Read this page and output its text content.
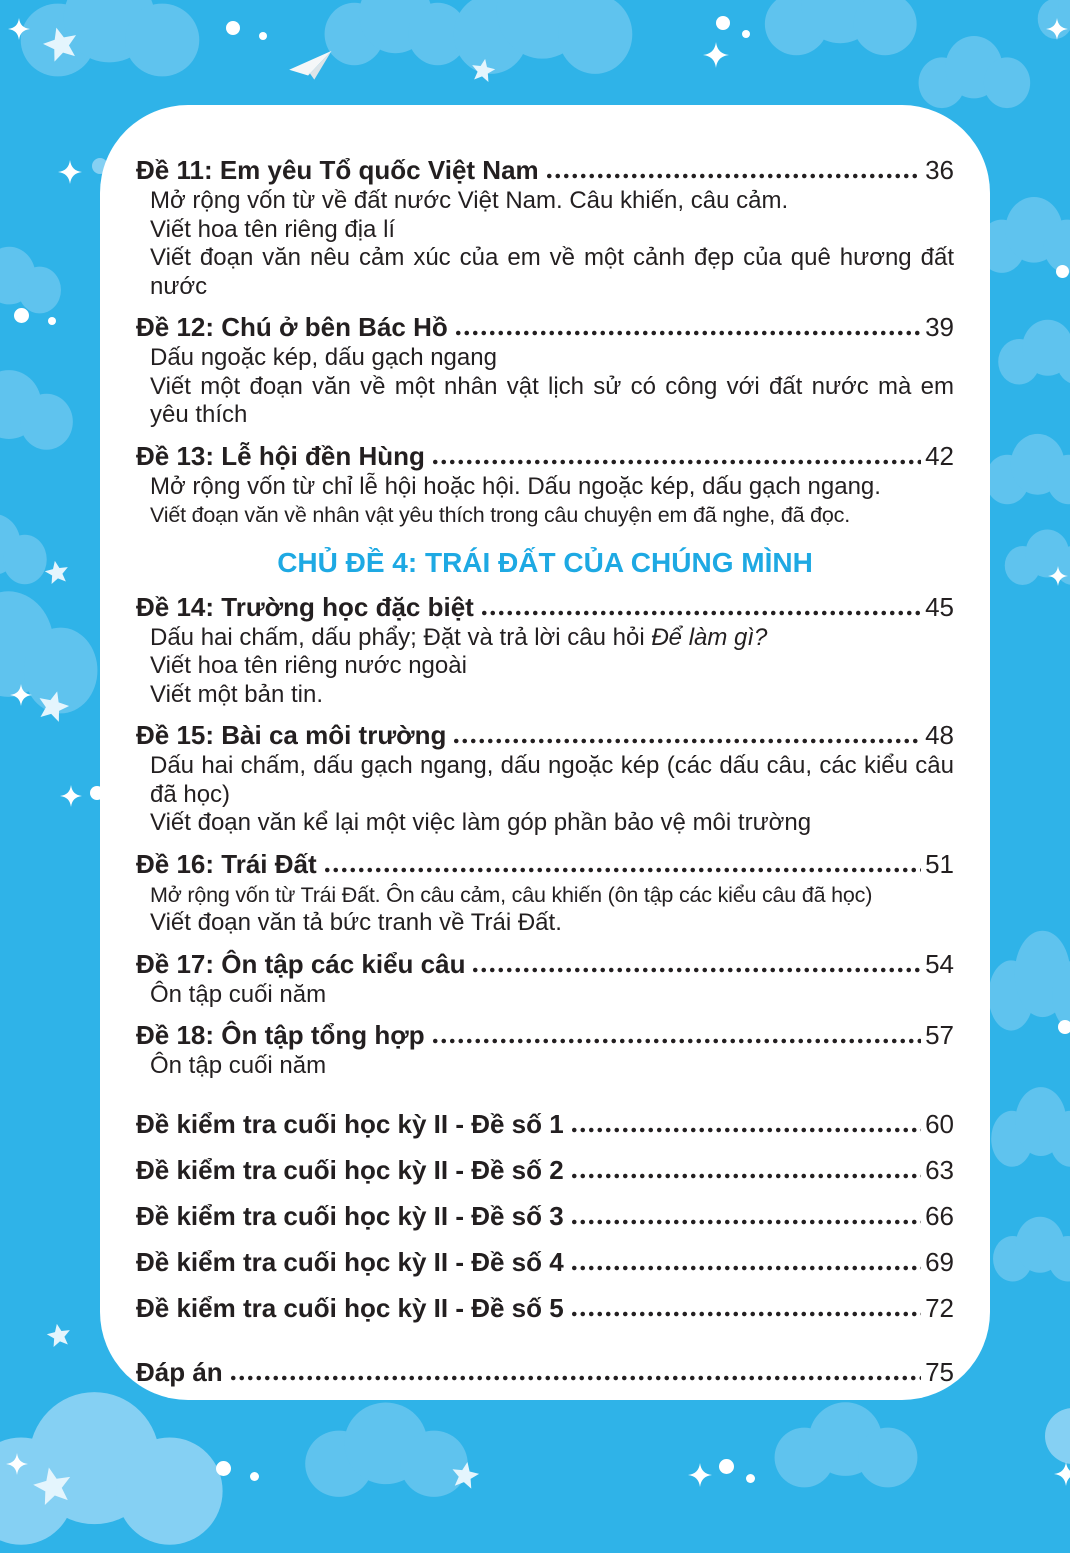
Đề 11: Em yêu Tổ quốc Việt Nam	36
Mở rộng vốn từ về đất nước Việt Nam. Câu khiến, câu cảm.
Viết hoa tên riêng địa lí
Viết đoạn văn nêu cảm xúc của em về một cảnh đẹp của quê hương đất nước
Đề 12: Chú ở bên Bác Hồ	39
Dấu ngoặc kép, dấu gạch ngang
Viết một đoạn văn về một nhân vật lịch sử có công với đất nước mà em yêu thích
Đề 13: Lễ hội đền Hùng	42
Mở rộng vốn từ chỉ lễ hội hoặc hội. Dấu ngoặc kép, dấu gạch ngang.
Viết đoạn văn về nhân vật yêu thích trong câu chuyện em đã nghe, đã đọc.
CHỦ ĐỀ 4: TRÁI ĐẤT CỦA CHÚNG MÌNH
Đề 14: Trường học đặc biệt	45
Dấu hai chấm, dấu phẩy; Đặt và trả lời câu hỏi Để làm gì?
Viết hoa tên riêng nước ngoài
Viết một bản tin.
Đề 15: Bài ca môi trường	48
Dấu hai chấm, dấu gạch ngang, dấu ngoặc kép (các dấu câu, các kiểu câu đã học)
Viết đoạn văn kể lại một việc làm góp phần bảo vệ môi trường
Đề 16: Trái Đất	51
Mở rộng vốn từ Trái Đất. Ôn câu cảm, câu khiến (ôn tập các kiểu câu đã học)
Viết đoạn văn tả bức tranh về Trái Đất.
Đề 17: Ôn tập các kiểu câu	54
Ôn tập cuối năm
Đề 18: Ôn tập tổng hợp	57
Ôn tập cuối năm
Đề kiểm tra cuối học kỳ II - Đề số 1	60
Đề kiểm tra cuối học kỳ II - Đề số 2	63
Đề kiểm tra cuối học kỳ II - Đề số 3	66
Đề kiểm tra cuối học kỳ II - Đề số 4	69
Đề kiểm tra cuối học kỳ II - Đề số 5	72
Đáp án	75
